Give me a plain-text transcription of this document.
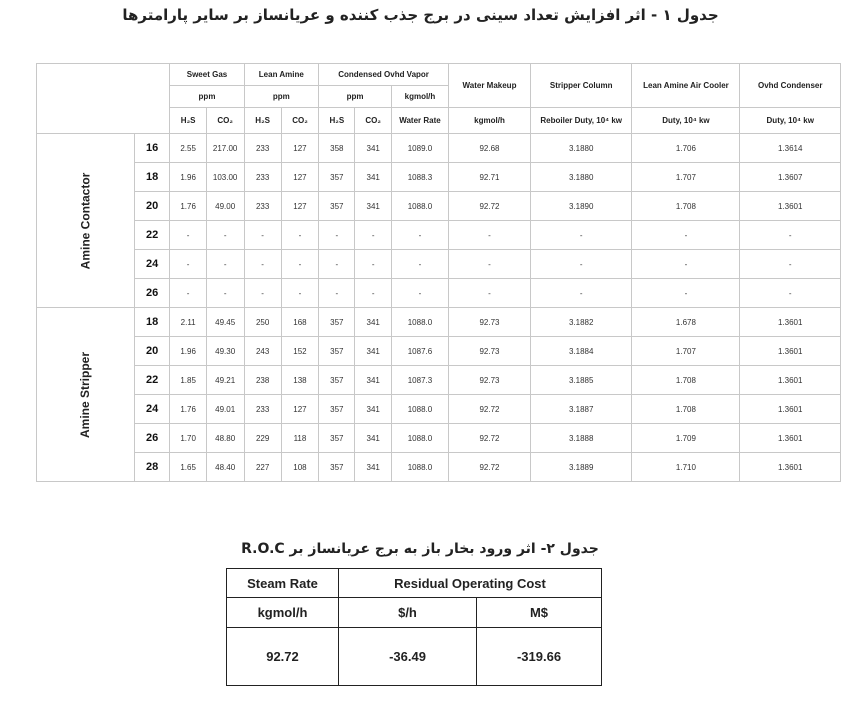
جدول ۱ - اثر افزایش تعداد سینی در برج جذب کننده و عریانساز بر سایر پارامترها
		Sweet Gas		Lean Amine		Condensed Ovhd Vapor			Water Makeup	Stripper Column	Lean Amine Air Cooler	Ovhd Condenser
		ppm		ppm		ppm		kgmol/h				
		H₂S	CO₂	H₂S	CO₂	H₂S	CO₂	Water Rate	kgmol/h	Reboiler Duty, 10⁴ kw	Duty, 10⁴ kw	Duty, 10⁴ kw
Amine Contactor	16	2.55	217.00	233	127	358	341	1089.0	92.68	3.1880	1.706	1.3614
	18	1.96	103.00	233	127	357	341	1088.3	92.71	3.1880	1.707	1.3607
	20	1.76	49.00	233	127	357	341	1088.0	92.72	3.1890	1.708	1.3601
	22	-	-	-	-	-	-	-	-	-	-	-
	24	-	-	-	-	-	-	-	-	-	-	-
	26	-	-	-	-	-	-	-	-	-	-	-
Amine Stripper	18	2.11	49.45	250	168	357	341	1088.0	92.73	3.1882	1.678	1.3601
	20	1.96	49.30	243	152	357	341	1087.6	92.73	3.1884	1.707	1.3601
	22	1.85	49.21	238	138	357	341	1087.3	92.73	3.1885	1.708	1.3601
	24	1.76	49.01	233	127	357	341	1088.0	92.72	3.1887	1.708	1.3601
	26	1.70	48.80	229	118	357	341	1088.0	92.72	3.1888	1.709	1.3601
	28	1.65	48.40	227	108	357	341	1088.0	92.72	3.1889	1.710	1.3601
جدول ۲- اثر ورود بخار باز به برج عریانساز بر R.O.C
Steam Rate	Residual Operating Cost	
kgmol/h	$/h	M$
92.72	-36.49	-319.66
